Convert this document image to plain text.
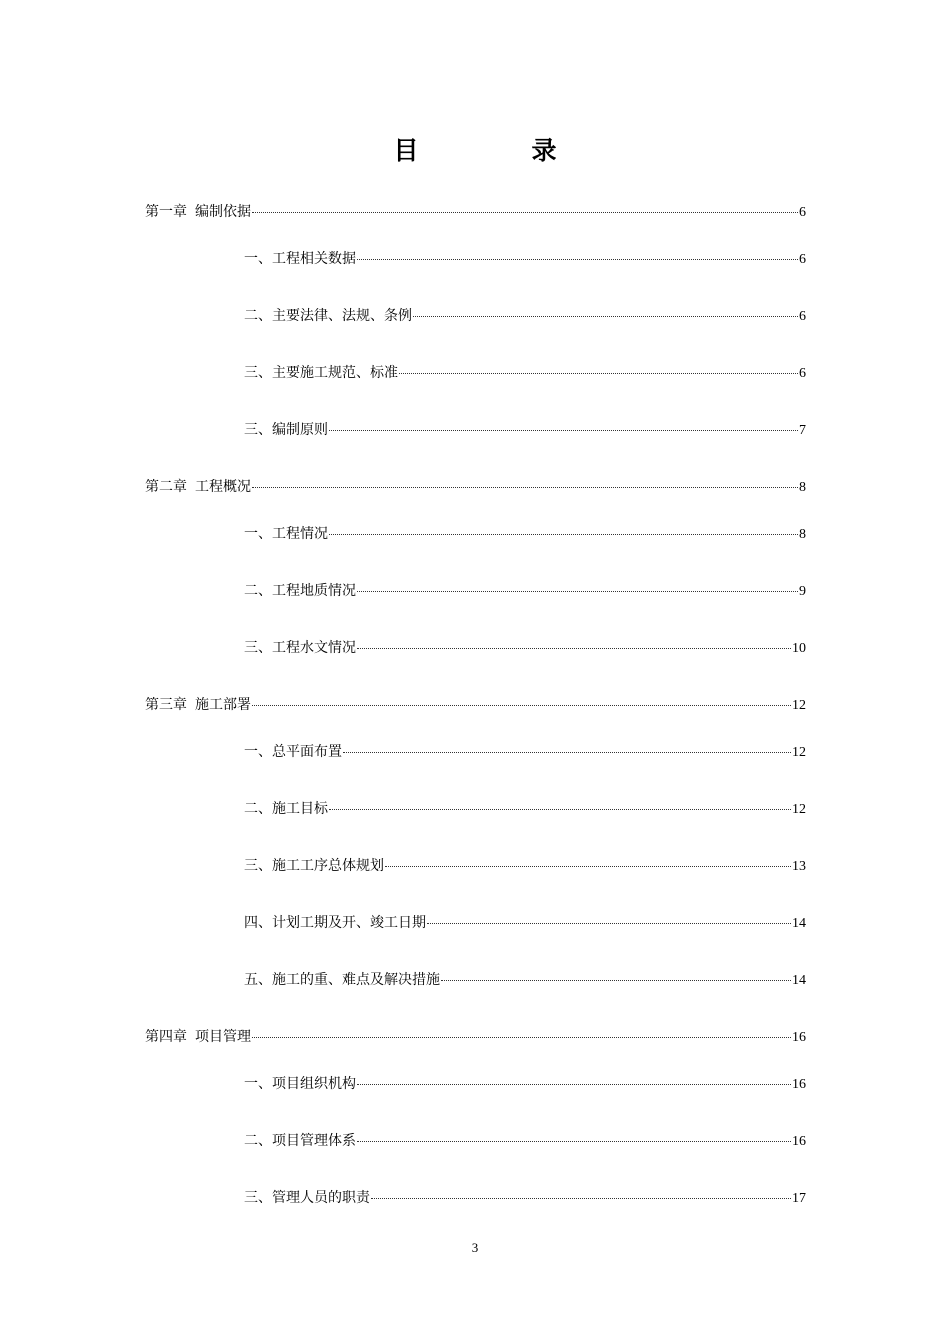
目　录
第一章 编制依据	6
一、工程相关数据	6
二、主要法律、法规、条例	6
三、主要施工规范、标准	6
三、编制原则	7
第二章 工程概况	8
一、工程情况	8
二、工程地质情况	9
三、工程水文情况	10
第三章 施工部署	12
一、总平面布置	12
二、施工目标	12
三、施工工序总体规划	13
四、计划工期及开、竣工日期	14
五、施工的重、难点及解决措施	14
第四章 项目管理	16
一、项目组织机构	16
二、项目管理体系	16
三、管理人员的职责	17
3
